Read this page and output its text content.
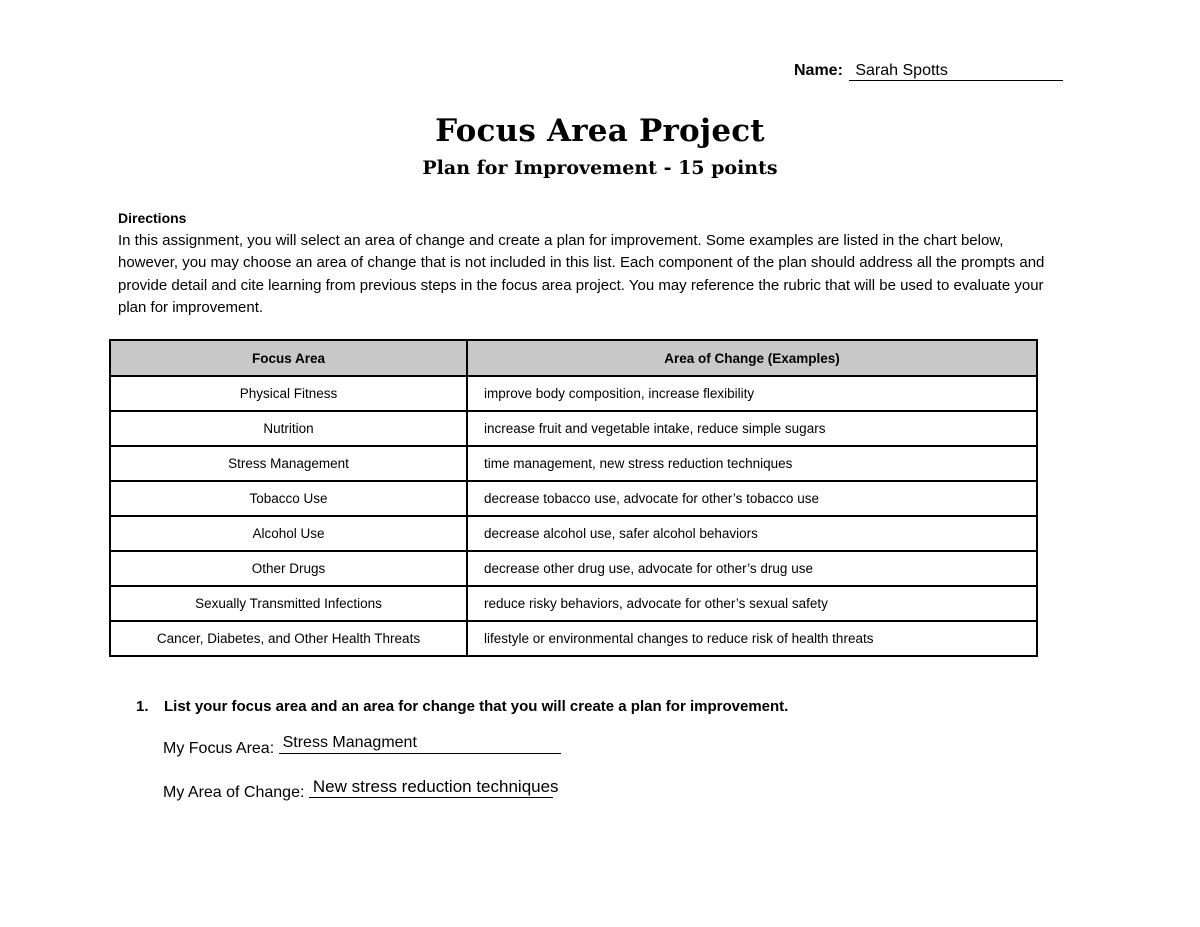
Name: Sarah Spotts
Focus Area Project
Plan for Improvement - 15 points
Directions
In this assignment, you will select an area of change and create a plan for improvement. Some examples are listed in the chart below, however, you may choose an area of change that is not included in this list. Each component of the plan should address all the prompts and provide detail and cite learning from previous steps in the focus area project. You may reference the rubric that will be used to evaluate your plan for improvement.
Focus Area	Area of Change (Examples)
Physical Fitness	improve body composition, increase flexibility
Nutrition	increase fruit and vegetable intake, reduce simple sugars
Stress Management	time management, new stress reduction techniques
Tobacco Use	decrease tobacco use, advocate for other’s tobacco use
Alcohol Use	decrease alcohol use, safer alcohol behaviors
Other Drugs	decrease other drug use, advocate for other’s drug use
Sexually Transmitted Infections	reduce risky behaviors, advocate for other’s sexual safety
Cancer, Diabetes, and Other Health Threats	lifestyle or environmental changes to reduce risk of health threats
1. List your focus area and an area for change that you will create a plan for improvement.
My Focus Area: Stress Managment
My Area of Change: New stress reduction techniques
